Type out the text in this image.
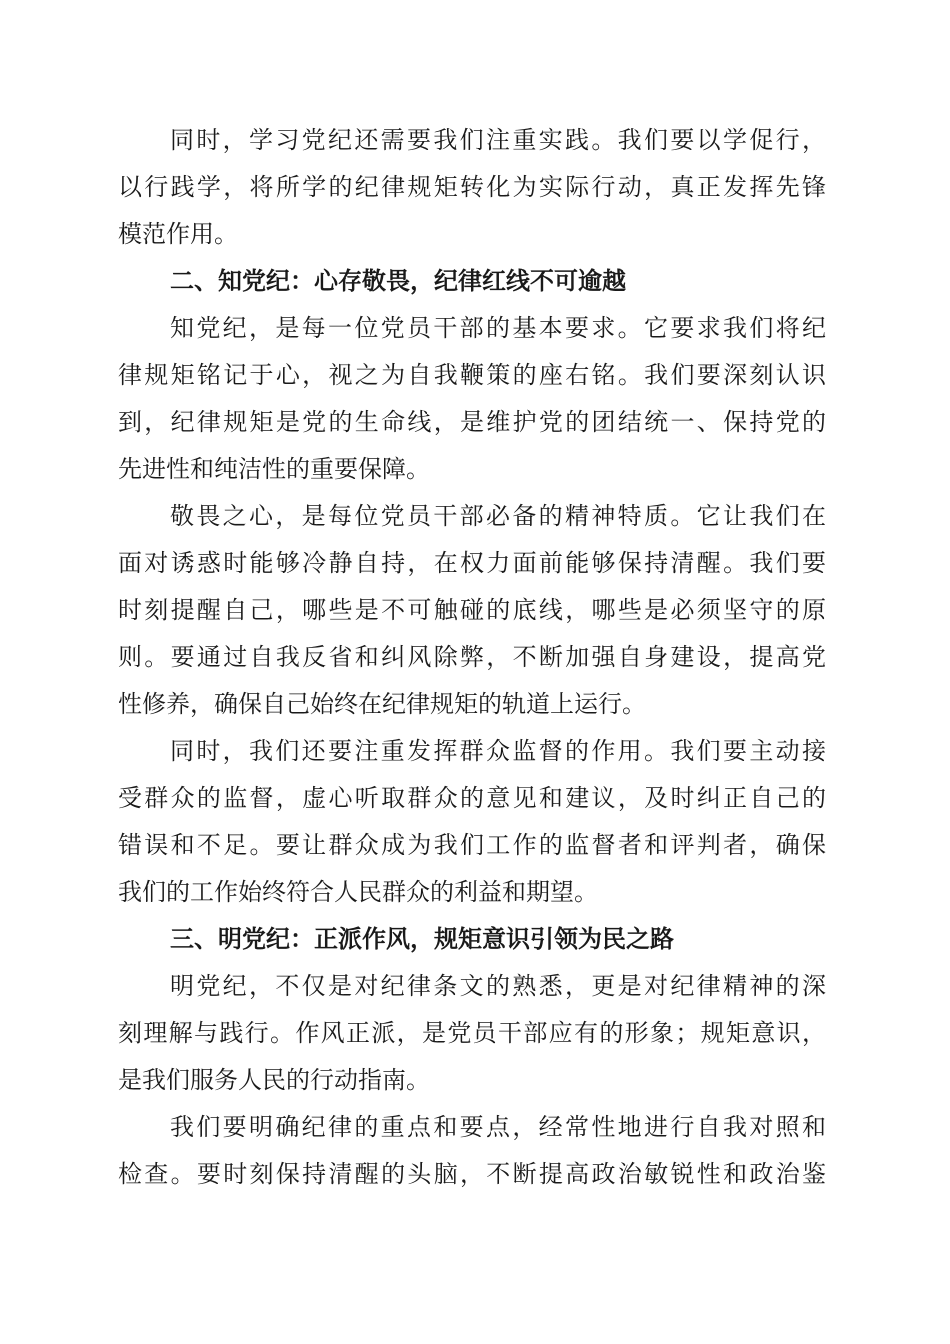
同时，学习党纪还需要我们注重实践。我们要以学促行，
以行践学，将所学的纪律规矩转化为实际行动，真正发挥先锋
模范作用。
二、知党纪：心存敬畏，纪律红线不可逾越
知党纪，是每一位党员干部的基本要求。它要求我们将纪
律规矩铭记于心，视之为自我鞭策的座右铭。我们要深刻认识
到，纪律规矩是党的生命线，是维护党的团结统一、保持党的
先进性和纯洁性的重要保障。
敬畏之心，是每位党员干部必备的精神特质。它让我们在
面对诱惑时能够冷静自持，在权力面前能够保持清醒。我们要
时刻提醒自己，哪些是不可触碰的底线，哪些是必须坚守的原
则。要通过自我反省和纠风除弊，不断加强自身建设，提高党
性修养，确保自己始终在纪律规矩的轨道上运行。
同时，我们还要注重发挥群众监督的作用。我们要主动接
受群众的监督，虚心听取群众的意见和建议，及时纠正自己的
错误和不足。要让群众成为我们工作的监督者和评判者，确保
我们的工作始终符合人民群众的利益和期望。
三、明党纪：正派作风，规矩意识引领为民之路
明党纪，不仅是对纪律条文的熟悉，更是对纪律精神的深
刻理解与践行。作风正派，是党员干部应有的形象；规矩意识，
是我们服务人民的行动指南。
我们要明确纪律的重点和要点，经常性地进行自我对照和
检查。要时刻保持清醒的头脑，不断提高政治敏锐性和政治鉴
